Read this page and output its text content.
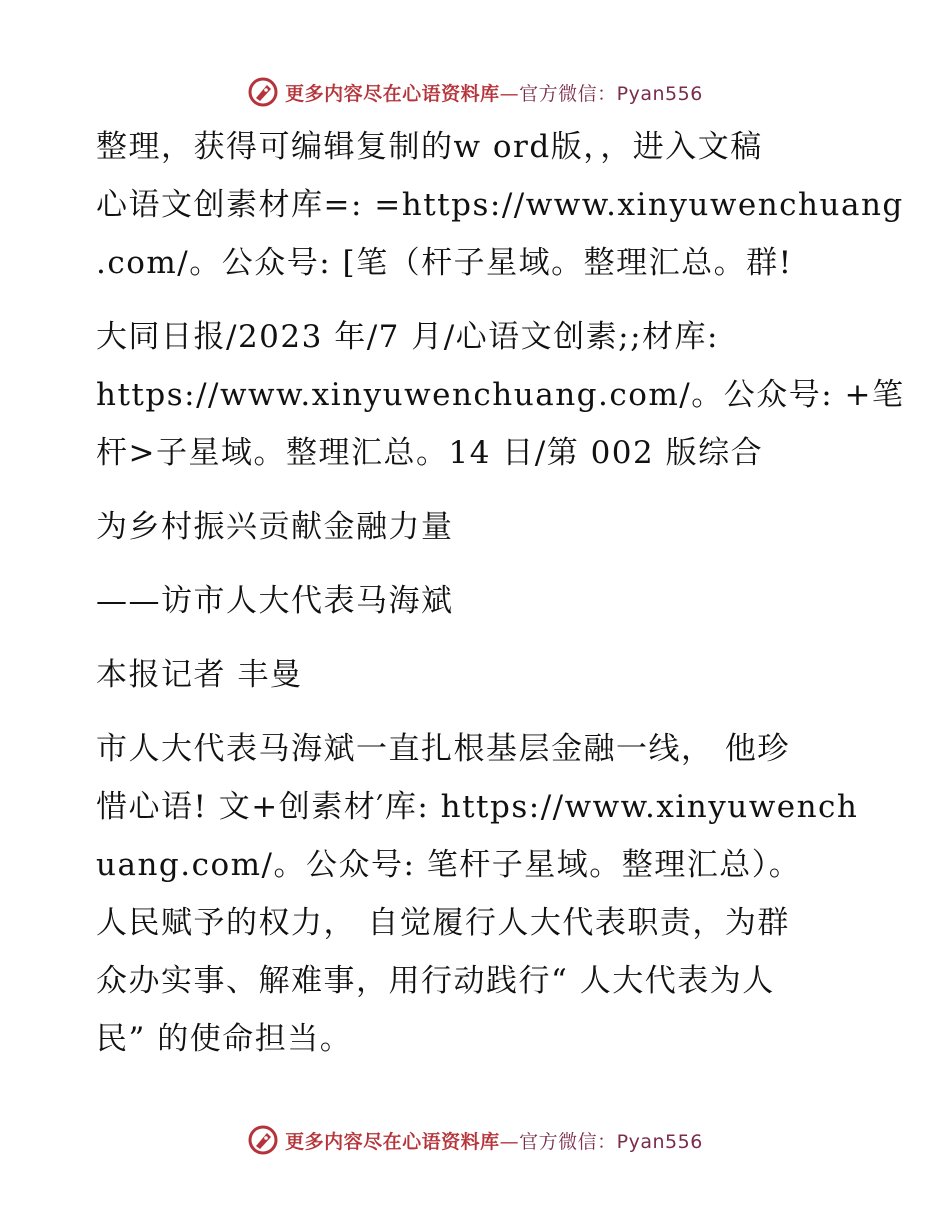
更多内容尽在心语资料库—官方微信：Pyan556

整理，获得可编辑复制的w ord版，，进入文稿
心语文创素材库=: =https://www.xinyuwenchuang
.com/。公众号: [笔（杆子星域。整理汇总。群!

大同日报/2023 年/7 月/心语文创素;;材库:
https://www.xinyuwenchuang.com/。公众号: +笔
杆>子星域。整理汇总。14 日/第 002 版综合

为乡村振兴贡献金融力量

——访市人大代表马海斌

本报记者 丰曼

市人大代表马海斌一直扎根基层金融一线， 他珍
惜心语! 文+创素材′库: https://www.xinyuwench
uang.com/。公众号: 笔杆子星域。整理汇总）。
人民赋予的权力， 自觉履行人大代表职责，为群
众办实事、解难事，用行动践行“ 人大代表为人
民” 的使命担当。

更多内容尽在心语资料库—官方微信：Pyan556
